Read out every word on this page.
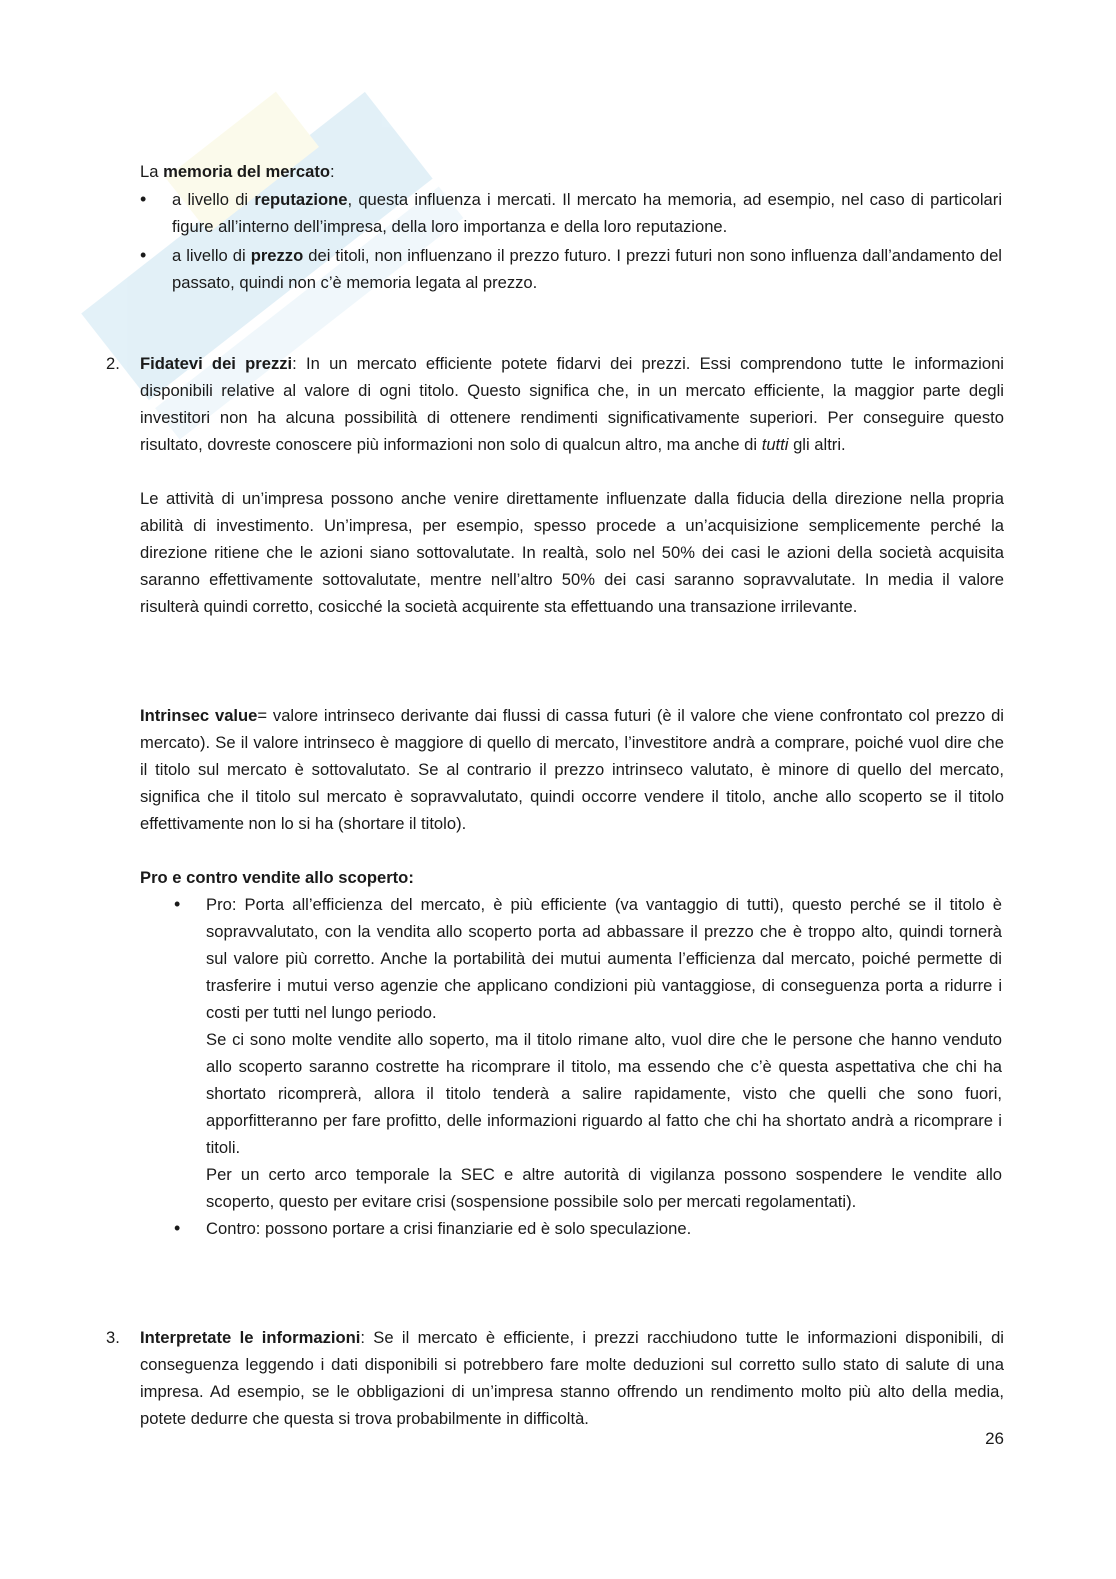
La memoria del mercato:
• a livello di reputazione, questa influenza i mercati. Il mercato ha memoria, ad esempio, nel caso di particolari figure all’interno dell’impresa, della loro importanza e della loro reputazione.
• a livello di prezzo dei titoli, non influenzano il prezzo futuro. I prezzi futuri non sono influenza dall’andamento del passato, quindi non c’è memoria legata al prezzo.
2. Fidatevi dei prezzi: In un mercato efficiente potete fidarvi dei prezzi. Essi comprendono tutte le informazioni disponibili relative al valore di ogni titolo. Questo significa che, in un mercato efficiente, la maggior parte degli investitori non ha alcuna possibilità di ottenere rendimenti significativamente superiori. Per conseguire questo risultato, dovreste conoscere più informazioni non solo di qualcun altro, ma anche di tutti gli altri.
Le attività di un’impresa possono anche venire direttamente influenzate dalla fiducia della direzione nella propria abilità di investimento. Un’impresa, per esempio, spesso procede a un’acquisizione semplicemente perché la direzione ritiene che le azioni siano sottovalutate. In realtà, solo nel 50% dei casi le azioni della società acquisita saranno effettivamente sottovalutate, mentre nell’altro 50% dei casi saranno sopravvalutate. In media il valore risulterà quindi corretto, cosicché la società acquirente sta effettuando una transazione irrilevante.
Intrinsec value= valore intrinseco derivante dai flussi di cassa futuri (è il valore che viene confrontato col prezzo di mercato). Se il valore intrinseco è maggiore di quello di mercato, l’investitore andrà a comprare, poiché vuol dire che il titolo sul mercato è sottovalutato. Se al contrario il prezzo intrinseco valutato, è minore di quello del mercato, significa che il titolo sul mercato è sopravvalutato, quindi occorre vendere il titolo, anche allo scoperto se il titolo effettivamente non lo si ha (shortare il titolo).
Pro e contro vendite allo scoperto:

• Pro: Porta all’efficienza del mercato, è più efficiente (va vantaggio di tutti), questo perché se il titolo è sopravvalutato, con la vendita allo scoperto porta ad abbassare il prezzo che è troppo alto, quindi tornerà sul valore più corretto. Anche la portabilità dei mutui aumenta l’efficienza dal mercato, poiché permette di trasferire i mutui verso agenzie che applicano condizioni più vantaggiose, di conseguenza porta a ridurre i costi per tutti nel lungo periodo.

Se ci sono molte vendite allo soperto, ma il titolo rimane alto, vuol dire che le persone che hanno venduto allo scoperto saranno costrette ha ricomprare il titolo, ma essendo che c’è questa aspettativa che chi ha shortato ricomprerà, allora il titolo tenderà a salire rapidamente, visto che quelli che sono fuori, apporfitteranno per fare profitto, delle informazioni riguardo al fatto che chi ha shortato andrà a ricomprare i titoli.

Per un certo arco temporale la SEC e altre autorità di vigilanza possono sospendere le vendite allo scoperto, questo per evitare crisi (sospensione possibile solo per mercati regolamentati).

• Contro: possono portare a crisi finanziarie ed è solo speculazione.
3. Interpretate le informazioni: Se il mercato è efficiente, i prezzi racchiudono tutte le informazioni disponibili, di conseguenza leggendo i dati disponibili si potrebbero fare molte deduzioni sul corretto sullo stato di salute di una impresa. Ad esempio, se le obbligazioni di un’impresa stanno offrendo un rendimento molto più alto della media, potete dedurre che questa si trova probabilmente in difficoltà.
26
